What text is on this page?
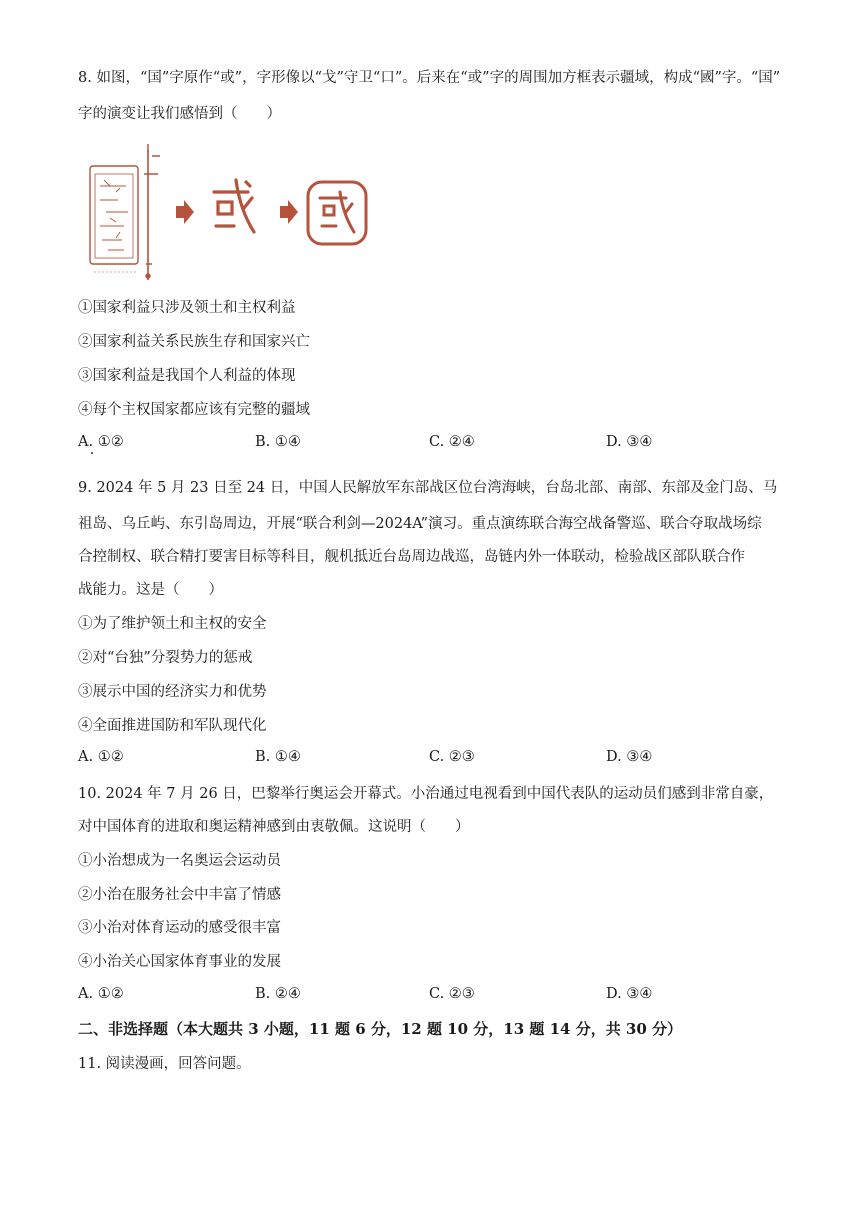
8. 如图，“国”字原作“或”，字形像以“戈”守卫“口”。后来在“或”字的周围加方框表示疆域，构成“國”字。“国”
字的演变让我们感悟到（　　）
①国家利益只涉及领土和主权利益
②国家利益关系民族生存和国家兴亡
③国家利益是我国个人利益的体现
④每个主权国家都应该有完整的疆域
A. ①②	B. ①④	C. ②④	D. ③④
9. 2024 年 5 月 23 日至 24 日，中国人民解放军东部战区位台湾海峡，台岛北部、南部、东部及金门岛、马
祖岛、乌丘屿、东引岛周边，开展“联合利剑—2024A”演习。重点演练联合海空战备警巡、联合夺取战场综
合控制权、联合精打要害目标等科目，舰机抵近台岛周边战巡，岛链内外一体联动，检验战区部队联合作
战能力。这是（　　）
①为了维护领土和主权的安全
②对“台独”分裂势力的惩戒
③展示中国的经济实力和优势
④全面推进国防和军队现代化
A. ①②	B. ①④	C. ②③	D. ③④
10. 2024 年 7 月 26 日，巴黎举行奥运会开幕式。小治通过电视看到中国代表队的运动员们感到非常自豪，
对中国体育的进取和奥运精神感到由衷敬佩。这说明（　　）
①小治想成为一名奥运会运动员
②小治在服务社会中丰富了情感
③小治对体育运动的感受很丰富
④小治关心国家体育事业的发展
A. ①②	B. ②④	C. ②③	D. ③④
二、非选择题（本大题共 3 小题，11 题 6 分，12 题 10 分，13 题 14 分，共 30 分）
11. 阅读漫画，回答问题。
